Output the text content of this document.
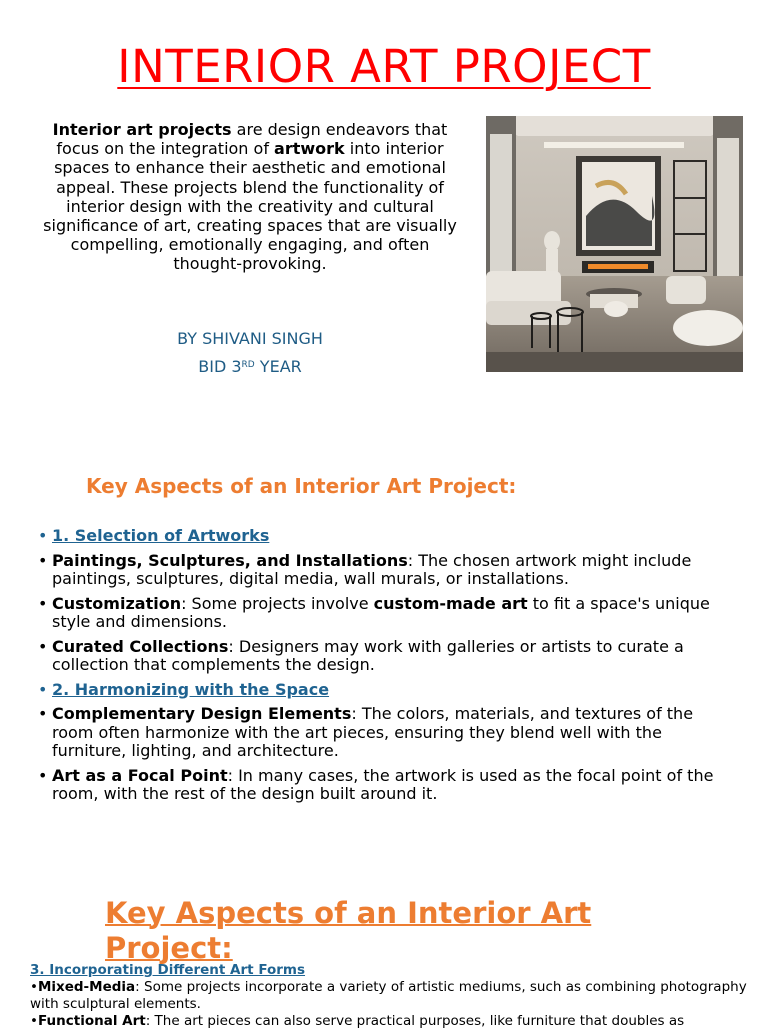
INTERIOR ART PROJECT
Interior art projects are design endeavors that focus on the integration of artwork into interior spaces to enhance their aesthetic and emotional appeal. These projects blend the functionality of interior design with the creativity and cultural significance of art, creating spaces that are visually compelling, emotionally engaging, and often thought-provoking.
BY SHIVANI SINGH
BID 3RD YEAR
Key Aspects of an Interior Art Project:
• 1. Selection of Artworks
• Paintings, Sculptures, and Installations: The chosen artwork might include paintings, sculptures, digital media, wall murals, or installations.
• Customization: Some projects involve custom-made art to fit a space's unique style and dimensions.
• Curated Collections: Designers may work with galleries or artists to curate a collection that complements the design.
• 2. Harmonizing with the Space
• Complementary Design Elements: The colors, materials, and textures of the room often harmonize with the art pieces, ensuring they blend well with the furniture, lighting, and architecture.
• Art as a Focal Point: In many cases, the artwork is used as the focal point of the room, with the rest of the design built around it.
Key Aspects of an Interior Art Project:
3. Incorporating Different Art Forms
•Mixed-Media: Some projects incorporate a variety of artistic mediums, such as combining photography
with sculptural elements.
•Functional Art: The art pieces can also serve practical purposes, like furniture that doubles as
